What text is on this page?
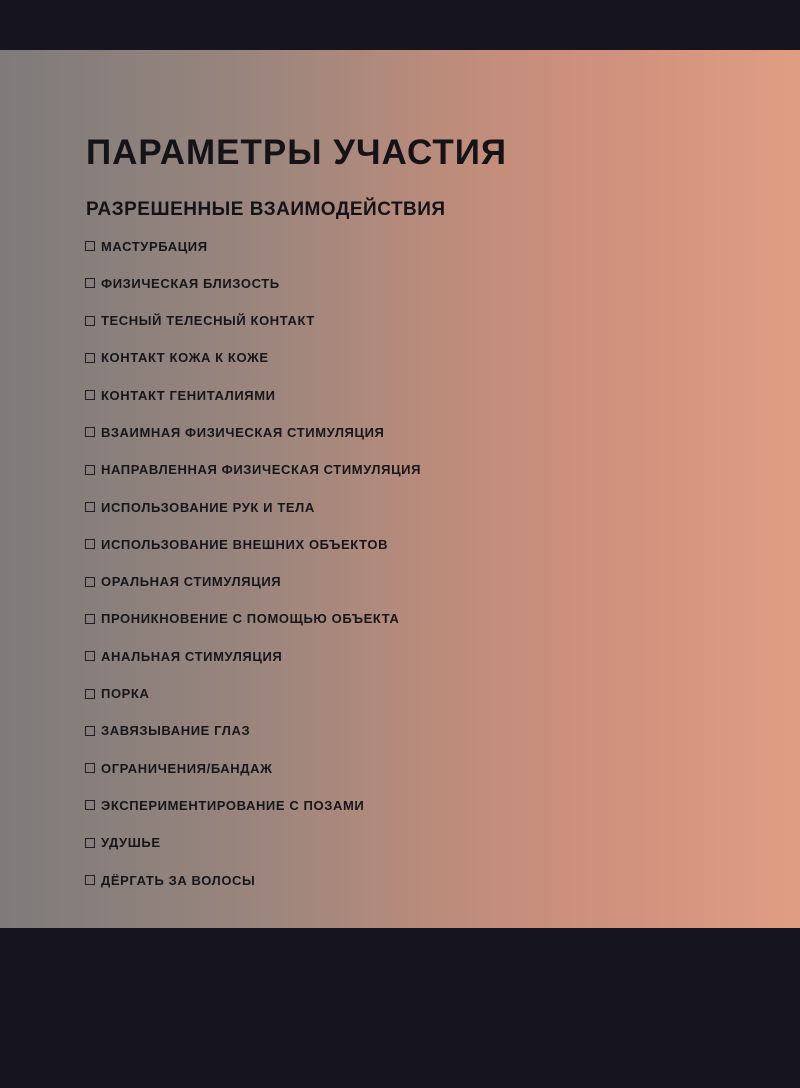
ПАРАМЕТРЫ УЧАСТИЯ
РАЗРЕШЕННЫЕ ВЗАИМОДЕЙСТВИЯ
МАСТУРБАЦИЯ
ФИЗИЧЕСКАЯ БЛИЗОСТЬ
ТЕСНЫЙ ТЕЛЕСНЫЙ КОНТАКТ
КОНТАКТ КОЖА К КОЖЕ
КОНТАКТ ГЕНИТАЛИЯМИ
ВЗАИМНАЯ ФИЗИЧЕСКАЯ СТИМУЛЯЦИЯ
НАПРАВЛЕННАЯ ФИЗИЧЕСКАЯ СТИМУЛЯЦИЯ
ИСПОЛЬЗОВАНИЕ РУК И ТЕЛА
ИСПОЛЬЗОВАНИЕ ВНЕШНИХ ОБЪЕКТОВ
ОРАЛЬНАЯ СТИМУЛЯЦИЯ
ПРОНИКНОВЕНИЕ С ПОМОЩЬЮ ОБЪЕКТА
АНАЛЬНАЯ СТИМУЛЯЦИЯ
ПОРКА
ЗАВЯЗЫВАНИЕ ГЛАЗ
ОГРАНИЧЕНИЯ/БАНДАЖ
ЭКСПЕРИМЕНТИРОВАНИЕ С ПОЗАМИ
УДУШЬЕ
ДЁРГАТЬ ЗА ВОЛОСЫ
